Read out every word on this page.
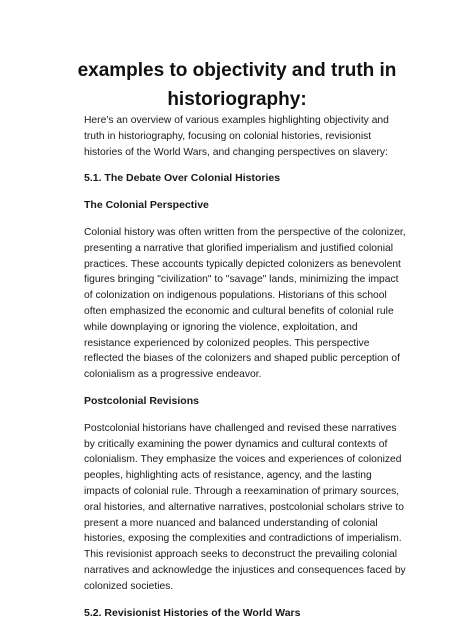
examples to objectivity and truth in historiography:

Here’s an overview of various examples highlighting objectivity and truth in historiography, focusing on colonial histories, revisionist histories of the World Wars, and changing perspectives on slavery:

5.1. The Debate Over Colonial Histories
The Colonial Perspective

Colonial history was often written from the perspective of the colonizer, presenting a narrative that glorified imperialism and justified colonial practices. These accounts typically depicted colonizers as benevolent figures bringing "civilization" to "savage" lands, minimizing the impact of colonization on indigenous populations. Historians of this school often emphasized the economic and cultural benefits of colonial rule while downplaying or ignoring the violence, exploitation, and resistance experienced by colonized peoples. This perspective reflected the biases of the colonizers and shaped public perception of colonialism as a progressive endeavor.

Postcolonial Revisions

Postcolonial historians have challenged and revised these narratives by critically examining the power dynamics and cultural contexts of colonialism. They emphasize the voices and experiences of colonized peoples, highlighting acts of resistance, agency, and the lasting impacts of colonial rule. Through a reexamination of primary sources, oral histories, and alternative narratives, postcolonial scholars strive to present a more nuanced and balanced understanding of colonial histories, exposing the complexities and contradictions of imperialism. This revisionist approach seeks to deconstruct the prevailing colonial narratives and acknowledge the injustices and consequences faced by colonized societies.

5.2. Revisionist Histories of the World Wars
